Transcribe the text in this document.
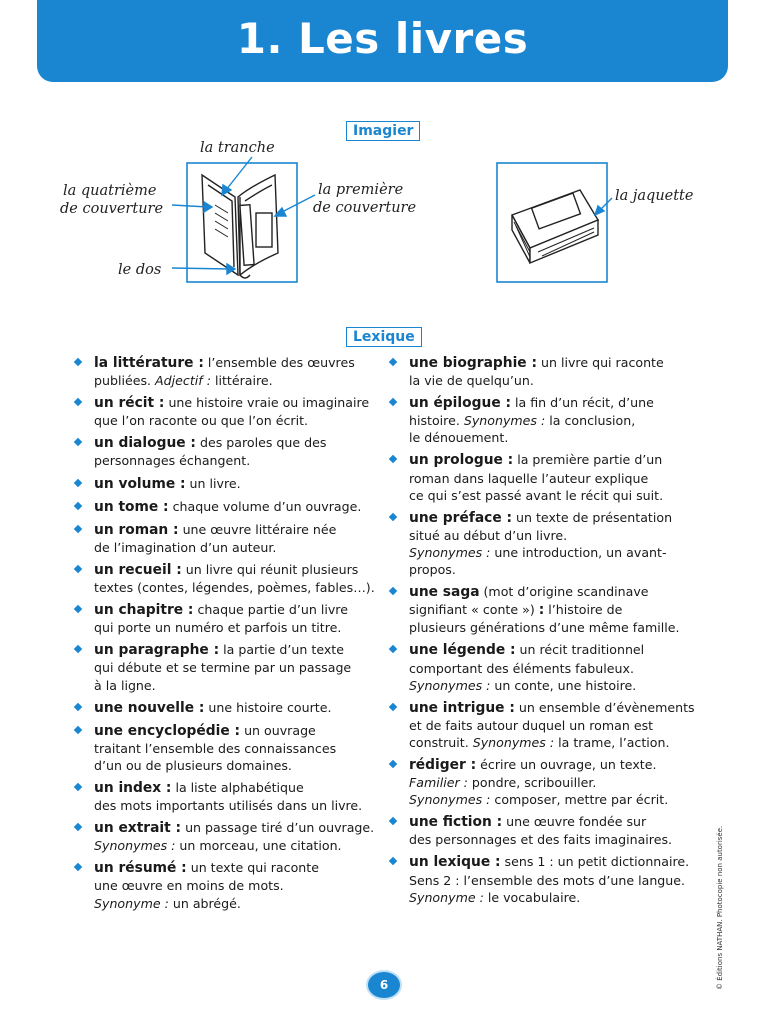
1. Les livres
Imagier
la tranche
la quatrième
de couverture
la première
de couverture
le dos
la jaquette
Lexique
la littérature : l’ensemble des œuvres
publiées. Adjectif : littéraire.
un récit : une histoire vraie ou imaginaire
que l’on raconte ou que l’on écrit.
un dialogue : des paroles que des
personnages échangent.
un volume : un livre.
un tome : chaque volume d’un ouvrage.
un roman : une œuvre littéraire née
de l’imagination d’un auteur.
un recueil : un livre qui réunit plusieurs
textes (contes, légendes, poèmes, fables…).
un chapitre : chaque partie d’un livre
qui porte un numéro et parfois un titre.
un paragraphe : la partie d’un texte
qui débute et se termine par un passage
à la ligne.
une nouvelle : une histoire courte.
une encyclopédie : un ouvrage
traitant l’ensemble des connaissances
d’un ou de plusieurs domaines.
un index : la liste alphabétique
des mots importants utilisés dans un livre.
un extrait : un passage tiré d’un ouvrage.
Synonymes : un morceau, une citation.
un résumé : un texte qui raconte
une œuvre en moins de mots.
Synonyme : un abrégé.
une biographie : un livre qui raconte
la vie de quelqu’un.
un épilogue : la fin d’un récit, d’une
histoire. Synonymes : la conclusion,
le dénouement.
un prologue : la première partie d’un
roman dans laquelle l’auteur explique
ce qui s’est passé avant le récit qui suit.
une préface : un texte de présentation
situé au début d’un livre.
Synonymes : une introduction, un avant-
propos.
une saga (mot d’origine scandinave
signifiant « conte ») : l’histoire de
plusieurs générations d’une même famille.
une légende : un récit traditionnel
comportant des éléments fabuleux.
Synonymes : un conte, une histoire.
une intrigue : un ensemble d’évènements
et de faits autour duquel un roman est
construit. Synonymes : la trame, l’action.
rédiger : écrire un ouvrage, un texte.
Familier : pondre, scribouiller.
Synonymes : composer, mettre par écrit.
une fiction : une œuvre fondée sur
des personnages et des faits imaginaires.
un lexique : sens 1 : un petit dictionnaire.
Sens 2 : l’ensemble des mots d’une langue.
Synonyme : le vocabulaire.
6	© Éditions NATHAN. Photocopie non autorisée.
